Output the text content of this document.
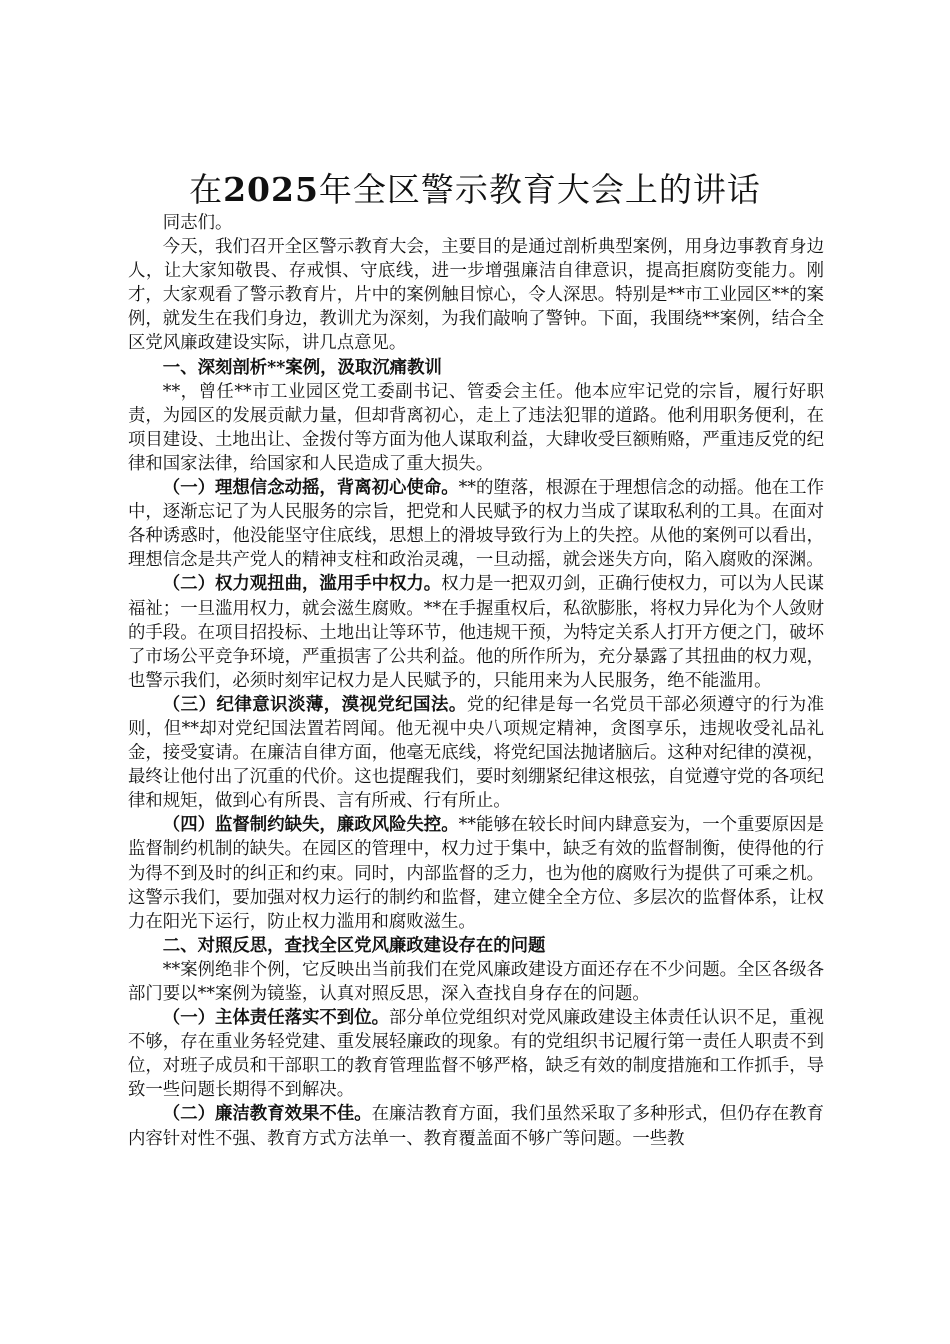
在2025年全区警示教育大会上的讲话

同志们。

今天，我们召开全区警示教育大会，主要目的是通过剖析典型案例，用身边事教育身边人，让大家知敬畏、存戒惧、守底线，进一步增强廉洁自律意识，提高拒腐防变能力。刚才，大家观看了警示教育片，片中的案例触目惊心，令人深思。特别是**市工业园区**的案例，就发生在我们身边，教训尤为深刻，为我们敲响了警钟。下面，我围绕**案例，结合全区党风廉政建设实际，讲几点意见。

一、深刻剖析**案例，汲取沉痛教训

**，曾任**市工业园区党工委副书记、管委会主任。他本应牢记党的宗旨，履行好职责，为园区的发展贡献力量，但却背离初心，走上了违法犯罪的道路。他利用职务便利，在项目建设、土地出让、金拨付等方面为他人谋取利益，大肆收受巨额贿赂，严重违反党的纪律和国家法律，给国家和人民造成了重大损失。

（一）理想信念动摇，背离初心使命。**的堕落，根源在于理想信念的动摇。他在工作中，逐渐忘记了为人民服务的宗旨，把党和人民赋予的权力当成了谋取私利的工具。在面对各种诱惑时，他没能坚守住底线，思想上的滑坡导致行为上的失控。从他的案例可以看出，理想信念是共产党人的精神支柱和政治灵魂，一旦动摇，就会迷失方向，陷入腐败的深渊。

（二）权力观扭曲，滥用手中权力。权力是一把双刃剑，正确行使权力，可以为人民谋福祉；一旦滥用权力，就会滋生腐败。**在手握重权后，私欲膨胀，将权力异化为个人敛财的手段。在项目招投标、土地出让等环节，他违规干预，为特定关系人打开方便之门，破坏了市场公平竞争环境，严重损害了公共利益。他的所作所为，充分暴露了其扭曲的权力观，也警示我们，必须时刻牢记权力是人民赋予的，只能用来为人民服务，绝不能滥用。

（三）纪律意识淡薄，漠视党纪国法。党的纪律是每一名党员干部必须遵守的行为准则，但**却对党纪国法置若罔闻。他无视中央八项规定精神，贪图享乐，违规收受礼品礼金，接受宴请。在廉洁自律方面，他毫无底线，将党纪国法抛诸脑后。这种对纪律的漠视，最终让他付出了沉重的代价。这也提醒我们，要时刻绷紧纪律这根弦，自觉遵守党的各项纪律和规矩，做到心有所畏、言有所戒、行有所止。

（四）监督制约缺失，廉政风险失控。**能够在较长时间内肆意妄为，一个重要原因是监督制约机制的缺失。在园区的管理中，权力过于集中，缺乏有效的监督制衡，使得他的行为得不到及时的纠正和约束。同时，内部监督的乏力，也为他的腐败行为提供了可乘之机。这警示我们，要加强对权力运行的制约和监督，建立健全全方位、多层次的监督体系，让权力在阳光下运行，防止权力滥用和腐败滋生。

二、对照反思，查找全区党风廉政建设存在的问题

**案例绝非个例，它反映出当前我们在党风廉政建设方面还存在不少问题。全区各级各部门要以**案例为镜鉴，认真对照反思，深入查找自身存在的问题。

（一）主体责任落实不到位。部分单位党组织对党风廉政建设主体责任认识不足，重视不够，存在重业务轻党建、重发展轻廉政的现象。有的党组织书记履行第一责任人职责不到位，对班子成员和干部职工的教育管理监督不够严格，缺乏有效的制度措施和工作抓手，导致一些问题长期得不到解决。

（二）廉洁教育效果不佳。在廉洁教育方面，我们虽然采取了多种形式，但仍存在教育内容针对性不强、教育方式方法单一、教育覆盖面不够广等问题。一些教
